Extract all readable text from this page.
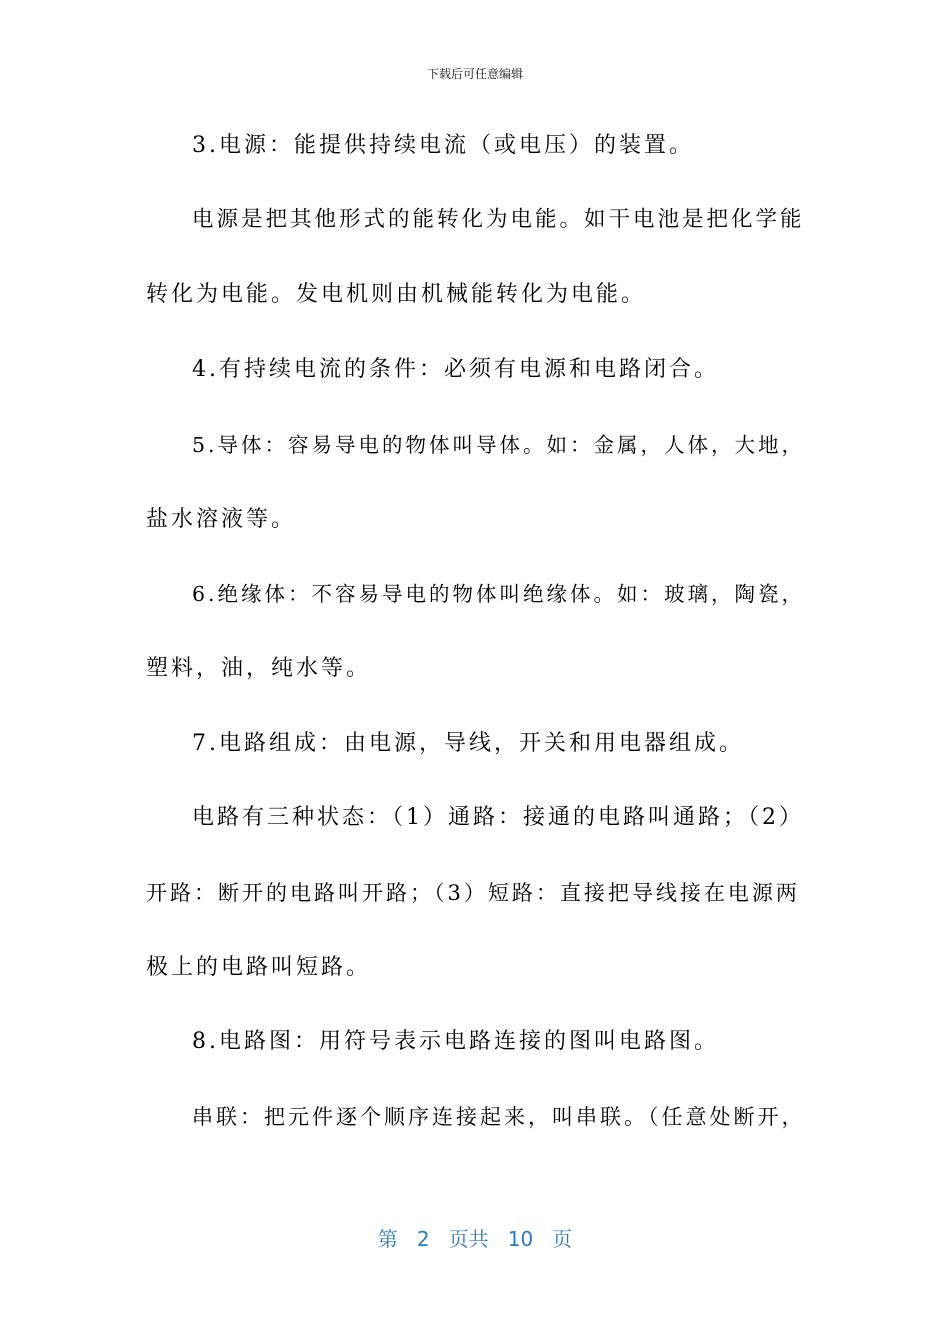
下载后可任意编辑
3.电源：能提供持续电流（或电压）的装置。
电源是把其他形式的能转化为电能。如干电池是把化学能
转化为电能。发电机则由机械能转化为电能。
4.有持续电流的条件：必须有电源和电路闭合。
5.导体：容易导电的物体叫导体。如：金属，人体，大地，
盐水溶液等。
6.绝缘体：不容易导电的物体叫绝缘体。如：玻璃，陶瓷，
塑料，油，纯水等。
7.电路组成：由电源，导线，开关和用电器组成。
电路有三种状态：（1）通路：接通的电路叫通路；（2）
开路：断开的电路叫开路；（3）短路：直接把导线接在电源两
极上的电路叫短路。
8.电路图：用符号表示电路连接的图叫电路图。
串联：把元件逐个顺序连接起来，叫串联。（任意处断开，
第 2 页共 10 页
